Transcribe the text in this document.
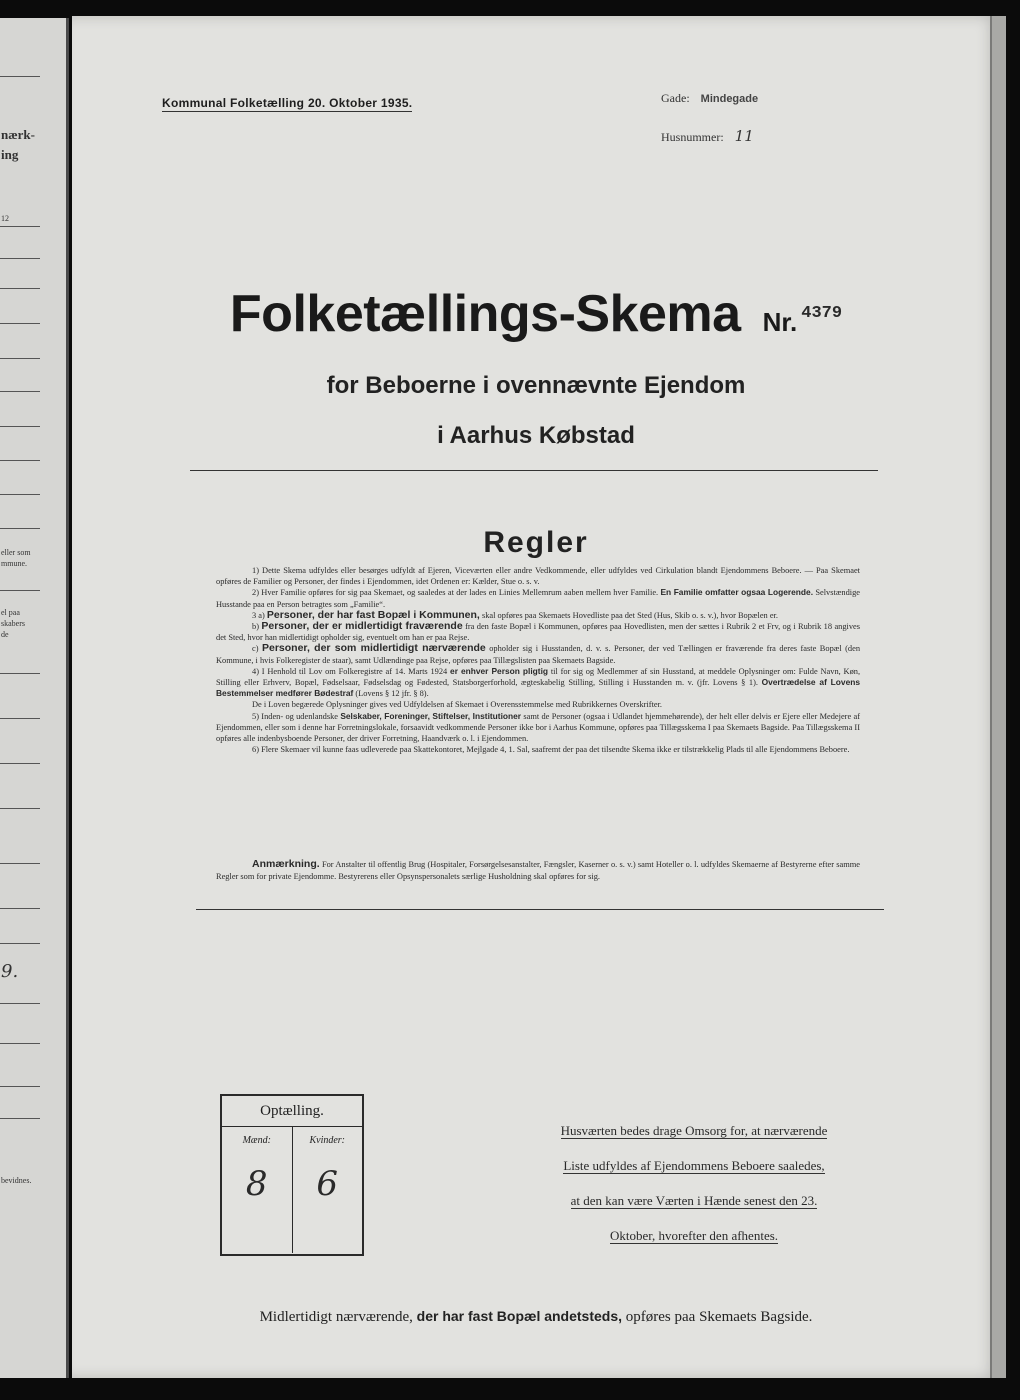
nærk-
ing
12
eller som
mmune.
el paa
skabers
de
9.
bevidnes.
Kommunal Folketælling 20. Oktober 1935.	Gade: Mindegade
Husnummer: 11
Folketællings-Skema Nr. 4379
for Beboerne i ovennævnte Ejendom
i Aarhus Købstad
Regler

1) Dette Skema udfyldes eller besørges udfyldt af Ejeren, Viceværten eller andre Vedkommende, eller udfyldes ved Cirkulation blandt Ejendommens Beboere. — Paa Skemaet opføres de Familier og Personer, der findes i Ejendommen, idet Ordenen er: Kælder, Stue o. s. v.

2) Hver Familie opføres for sig paa Skemaet, og saaledes at der lades en Linies Mellemrum aaben mellem hver Familie. En Familie omfatter ogsaa Logerende. Selvstændige Husstande paa en Person betragtes som „Familie“.

3 a) Personer, der har fast Bopæl i Kommunen, skal opføres paa Skemaets Hovedliste paa det Sted (Hus, Skib o. s. v.), hvor Bopælen er.

b) Personer, der er midlertidigt fraværende fra den faste Bopæl i Kommunen, opføres paa Hovedlisten, men der sættes i Rubrik 2 et Frv, og i Rubrik 18 angives det Sted, hvor han midlertidigt opholder sig, eventuelt om han er paa Rejse.

c) Personer, der som midlertidigt nærværende opholder sig i Husstanden, d. v. s. Personer, der ved Tællingen er fraværende fra deres faste Bopæl (den Kommune, i hvis Folkeregister de staar), samt Udlændinge paa Rejse, opføres paa Tillægslisten paa Skemaets Bagside.

4) I Henhold til Lov om Folkeregistre af 14. Marts 1924 er enhver Person pligtig til for sig og Medlemmer af sin Husstand, at meddele Oplysninger om: Fulde Navn, Køn, Stilling eller Erhverv, Bopæl, Fødselsaar, Fødselsdag og Fødested, Statsborgerforhold, ægteskabelig Stilling, Stilling i Husstanden m. v. (jfr. Lovens § 1). Overtrædelse af Lovens Bestemmelser medfører Bødestraf (Lovens § 12 jfr. § 8).

De i Loven begærede Oplysninger gives ved Udfyldelsen af Skemaet i Overensstemmelse med Rubrikkernes Overskrifter.

5) Inden- og udenlandske Selskaber, Foreninger, Stiftelser, Institutioner samt de Personer (ogsaa i Udlandet hjemmehørende), der helt eller delvis er Ejere eller Medejere af Ejendommen, eller som i denne har Forretningslokale, forsaavidt vedkommende Personer ikke bor i Aarhus Kommune, opføres paa Tillægsskema I paa Skemaets Bagside. Paa Tillægsskema II opføres alle indenbysboende Personer, der driver Forretning, Haandværk o. l. i Ejendommen.

6) Flere Skemaer vil kunne faas udleverede paa Skattekontoret, Mejlgade 4, 1. Sal, saafremt der paa det tilsendte Skema ikke er tilstrækkelig Plads til alle Ejendommens Beboere.

Anmærkning. For Anstalter til offentlig Brug (Hospitaler, Forsørgelsesanstalter, Fængsler, Kaserner o. s. v.) samt Hoteller o. l. udfyldes Skemaerne af Bestyrerne efter samme Regler som for private Ejendomme. Bestyrerens eller Opsynspersonalets særlige Husholdning skal opføres for sig.
Optælling.
Mænd:
8
Kvinder:
6
Husværten bedes drage Omsorg for, at nærværende
Liste udfyldes af Ejendommens Beboere saaledes,
at den kan være Værten i Hænde senest den 23.
Oktober, hvorefter den afhentes.
Midlertidigt nærværende, der har fast Bopæl andetsteds, opføres paa Skemaets Bagside.
